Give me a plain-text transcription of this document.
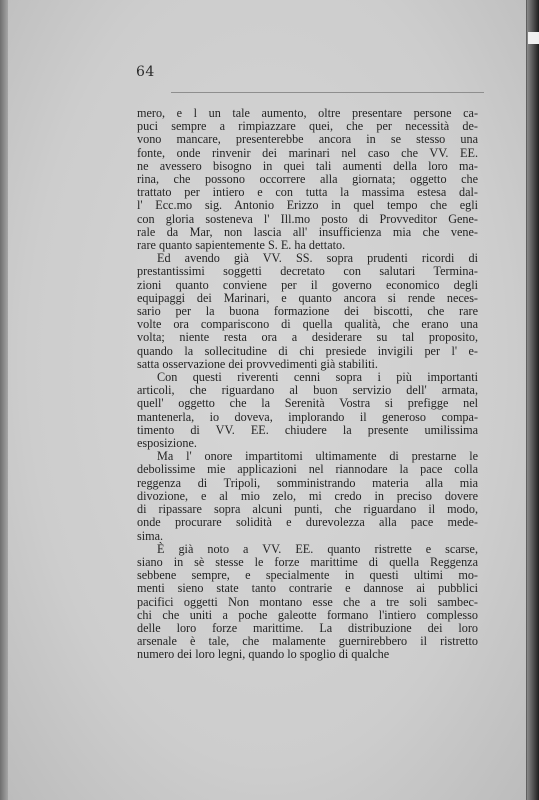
64
mero, e l un tale aumento, oltre presentare persone ca-
puci sempre a rimpiazzare quei, che per necessità de-
vono mancare, presenterebbe ancora in se stesso una
fonte, onde rinvenir dei marinari nel caso che VV. EE.
ne avessero bisogno in quei tali aumenti della loro ma-
rina, che possono occorrere alla giornata; oggetto che
trattato per intiero e con tutta la massima estesa dal-
l' Ecc.mo sig. Antonio Erizzo in quel tempo che egli
con gloria sosteneva l' Ill.mo posto di Provveditor Gene-
rale da Mar, non lascia all' insufficienza mia che vene-
rare quanto sapientemente S. E. ha dettato.
Ed avendo già VV. SS. sopra prudenti ricordi di
prestantissimi soggetti decretato con salutari Termina-
zioni quanto conviene per il governo economico degli
equipaggi dei Marinari, e quanto ancora si rende neces-
sario per la buona formazione dei biscotti, che rare
volte ora compariscono di quella qualità, che erano una
volta; niente resta ora a desiderare su tal proposito,
quando la sollecitudine di chi presiede invigili per l' e-
satta osservazione dei provvedimenti già stabiliti.
Con questi riverenti cenni sopra i più importanti
articoli, che riguardano al buon servizio dell' armata,
quell' oggetto che la Serenità Vostra si prefigge nel
mantenerla, io doveva, implorando il generoso compa-
timento di VV. EE. chiudere la presente umilissima
esposizione.
Ma l' onore impartitomi ultimamente di prestarne le
debolissime mie applicazioni nel riannodare la pace colla
reggenza di Tripoli, somministrando materia alla mia
divozione, e al mio zelo, mi credo in preciso dovere
di ripassare sopra alcuni punti, che riguardano il modo,
onde procurare solidità e durevolezza alla pace mede-
sima.
È già noto a VV. EE. quanto ristrette e scarse,
siano in sè stesse le forze marittime di quella Reggenza
sebbene sempre, e specialmente in questi ultimi mo-
menti sieno state tanto contrarie e dannose ai pubblici
pacifici oggetti Non montano esse che a tre soli sambec-
chi che uniti a poche galeotte formano l'intiero complesso
delle loro forze marittime. La distribuzione dei loro
arsenale è tale, che malamente guernirebbero il ristretto
numero dei loro legni, quando lo spoglio di qualche
